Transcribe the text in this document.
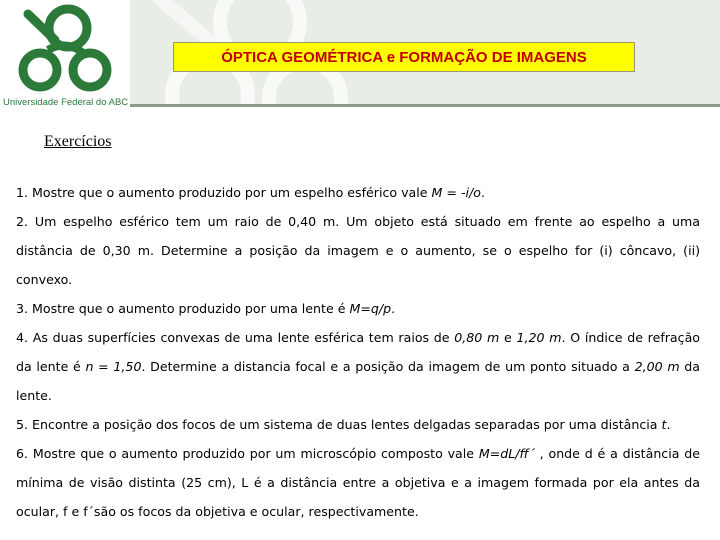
Universidade Federal do ABC
ÓPTICA GEOMÉTRICA e FORMAÇÃO DE IMAGENS
Exercícios

1. Mostre que o aumento produzido por um espelho esférico vale M = -i/o.

2. Um espelho esférico tem um raio de 0,40 m. Um objeto está situado em frente ao espelho a uma distância de 0,30 m. Determine a posição da imagem e o aumento, se o espelho for (i) côncavo, (ii) convexo.

3. Mostre que o aumento produzido por uma lente é M=q/p.

4. As duas superfícies convexas de uma lente esférica tem raios de 0,80 m e 1,20 m. O índice de refração da lente é n = 1,50. Determine a distancia focal e a posição da imagem de um ponto situado a 2,00 m da lente.

5. Encontre a posição dos focos de um sistema de duas lentes delgadas separadas por uma distância t.

6. Mostre que o aumento produzido por um microscópio composto vale M=dL/ff´ , onde d é a distância de mínima de visão distinta (25 cm), L é a distância entre a objetiva e a imagem formada por ela antes da ocular, f e f´são os focos da objetiva e ocular, respectivamente.
